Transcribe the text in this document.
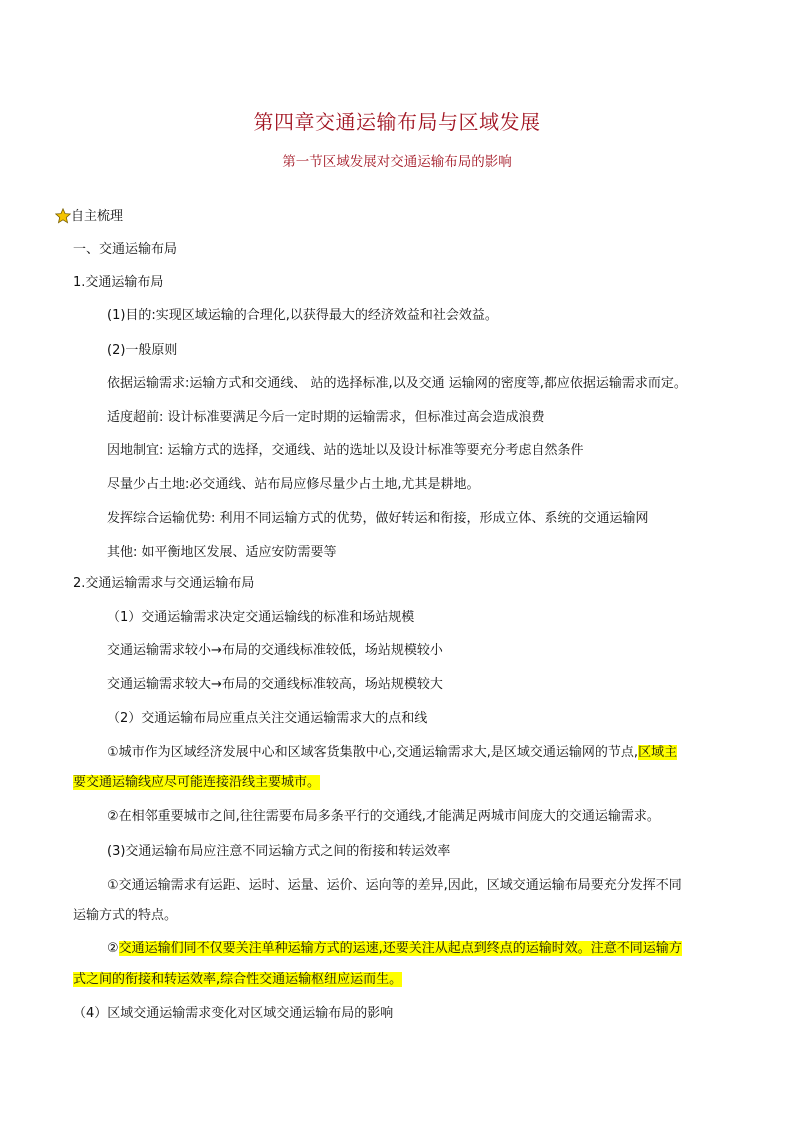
第四章交通运输布局与区域发展
第一节区域发展对交通运输布局的影响
自主梳理
一、交通运输布局
1.交通运输布局
(1)目的:实现区域运输的合理化,以获得最大的经济效益和社会效益。
(2)一般原则
依据运输需求:运输方式和交通线、 站的选择标准,以及交通 运输网的密度等,都应依据运输需求而定。
适度超前: 设计标准要满足今后一定时期的运输需求，但标准过高会造成浪费
因地制宜: 运输方式的选择，交通线、站的选址以及设计标准等要充分考虑自然条件
尽量少占土地:必交通线、站布局应修尽量少占土地,尤其是耕地。
发挥综合运输优势: 利用不同运输方式的优势，做好转运和衔接，形成立体、系统的交通运输网
其他: 如平衡地区发展、适应安防需要等
2.交通运输需求与交通运输布局
（1）交通运输需求决定交通运输线的标准和场站规模
交通运输需求较小→布局的交通线标准较低，场站规模较小
交通运输需求较大→布局的交通线标准较高，场站规模较大
（2）交通运输布局应重点关注交通运输需求大的点和线
①城市作为区域经济发展中心和区域客货集散中心,交通运输需求大,是区域交通运输网的节点,区域主
要交通运输线应尽可能连接沿线主要城市。
②在相邻重要城市之间,往往需要布局多条平行的交通线,才能满足两城市间庞大的交通运输需求。
(3)交通运输布局应注意不同运输方式之间的衔接和转运效率
①交通运输需求有运距、运时、运量、运价、运向等的差异,因此，区域交通运输布局要充分发挥不同
运输方式的特点。
②交通运输们同不仅要关注单种运输方式的运速,还要关注从起点到终点的运输时效。注意不同运输方
式之间的衔接和转运效率,综合性交通运输枢纽应运而生。
（4）区域交通运输需求变化对区域交通运输布局的影响
